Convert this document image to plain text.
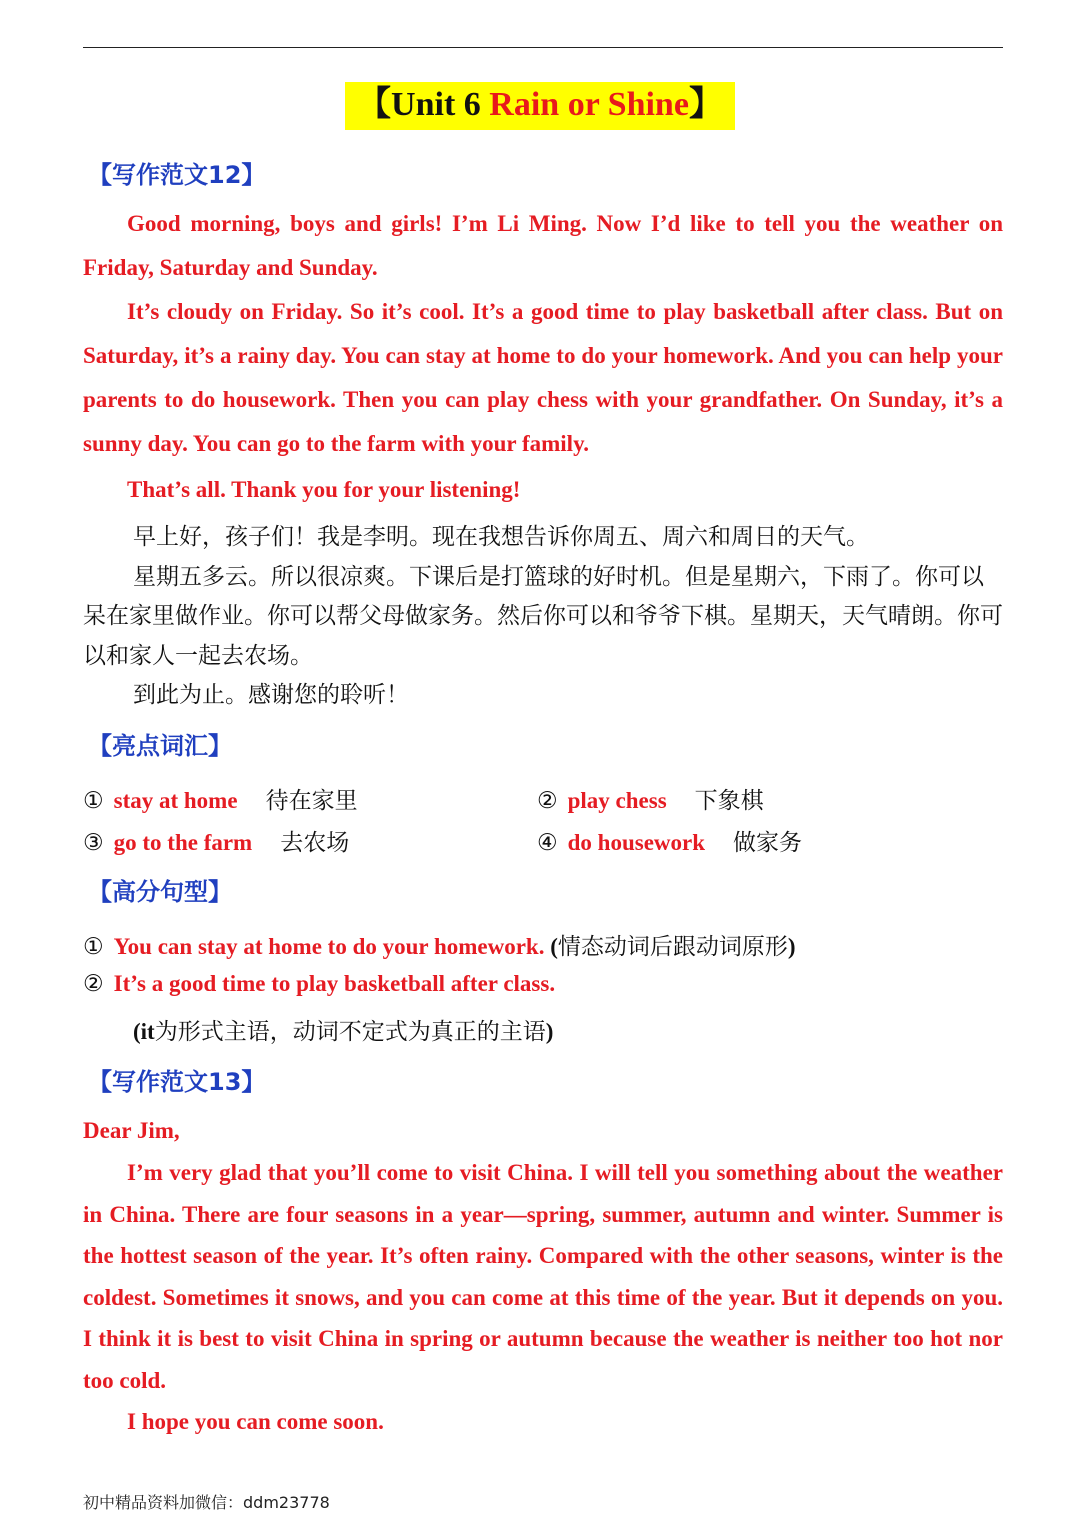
【Unit 6 Rain or Shine】
【写作范文12】

Good morning, boys and girls! I’m Li Ming. Now I’d like to tell you the weather on Friday, Saturday and Sunday.

It’s cloudy on Friday. So it’s cool. It’s a good time to play basketball after class. But on Saturday, it’s a rainy day. You can stay at home to do your homework. And you can help your parents to do housework. Then you can play chess with your grandfather. On Sunday, it’s a sunny day. You can go to the farm with your family.

That’s all. Thank you for your listening!

早上好，孩子们！我是李明。现在我想告诉你周五、周六和周日的天气。

星期五多云。所以很凉爽。下课后是打篮球的好时机。但是星期六，下雨了。你可以呆在家里做作业。你可以帮父母做家务。然后你可以和爷爷下棋。星期天，天气晴朗。你可以和家人一起去农场。

到此为止。感谢您的聆听！

【亮点词汇】
① stay at home 待在家里	② play chess 下象棋
③ go to the farm 去农场	④ do housework 做家务
【高分句型】
① You can stay at home to do your homework. (情态动词后跟动词原形)
② It’s a good time to play basketball after class.
(it为形式主语，动词不定式为真正的主语)
【写作范文13】

Dear Jim,

I’m very glad that you’ll come to visit China. I will tell you something about the weather in China. There are four seasons in a year—spring, summer, autumn and winter. Summer is the hottest season of the year. It’s often rainy. Compared with the other seasons, winter is the coldest. Sometimes it snows, and you can come at this time of the year. But it depends on you. I think it is best to visit China in spring or autumn because the weather is neither too hot nor too cold.

I hope you can come soon.

初中精品资料加微信：ddm23778
